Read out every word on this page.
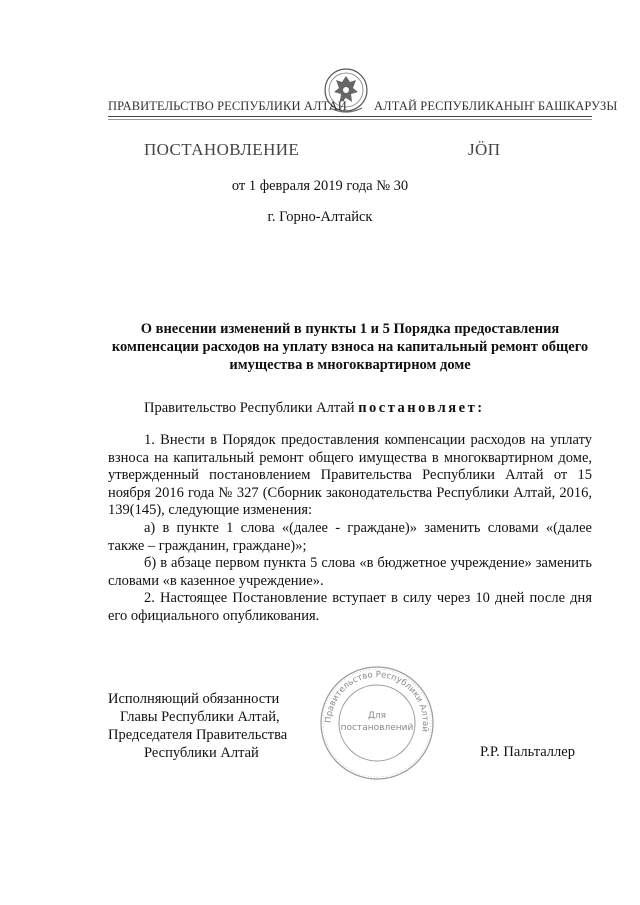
ПРАВИТЕЛЬСТВО РЕСПУБЛИКИ АЛТАЙ АЛТАЙ РЕСПУБЛИКАНЫҤ БАШКАРУЗЫ
ПОСТАНОВЛЕНИЕ	JÖП
от 1 февраля 2019 года № 30
г. Горно-Алтайск
О внесении изменений в пункты 1 и 5 Порядка предоставления компенсации расходов на уплату взноса на капитальный ремонт общего имущества в многоквартирном доме
Правительство Республики Алтай постановляет:

1. Внести в Порядок предоставления компенсации расходов на уплату взноса на капитальный ремонт общего имущества в многоквартирном доме, утвержденный постановлением Правительства Республики Алтай от 15 ноября 2016 года № 327 (Сборник законодательства Республики Алтай, 2016, 139(145), следующие изменения:

а) в пункте 1 слова «(далее - граждане)» заменить словами «(далее также – гражданин, граждане)»;

б) в абзаце первом пункта 5 слова «в бюджетное учреждение» заменить словами «в казенное учреждение».

2. Настоящее Постановление вступает в силу через 10 дней после дня его официального опубликования.

Исполняющий обязанности
Главы Республики Алтай,
Председателя Правительства
Республики Алтай	Р.Р. Пальталлер
Правительство Республики Алтай
Для
постановлений
